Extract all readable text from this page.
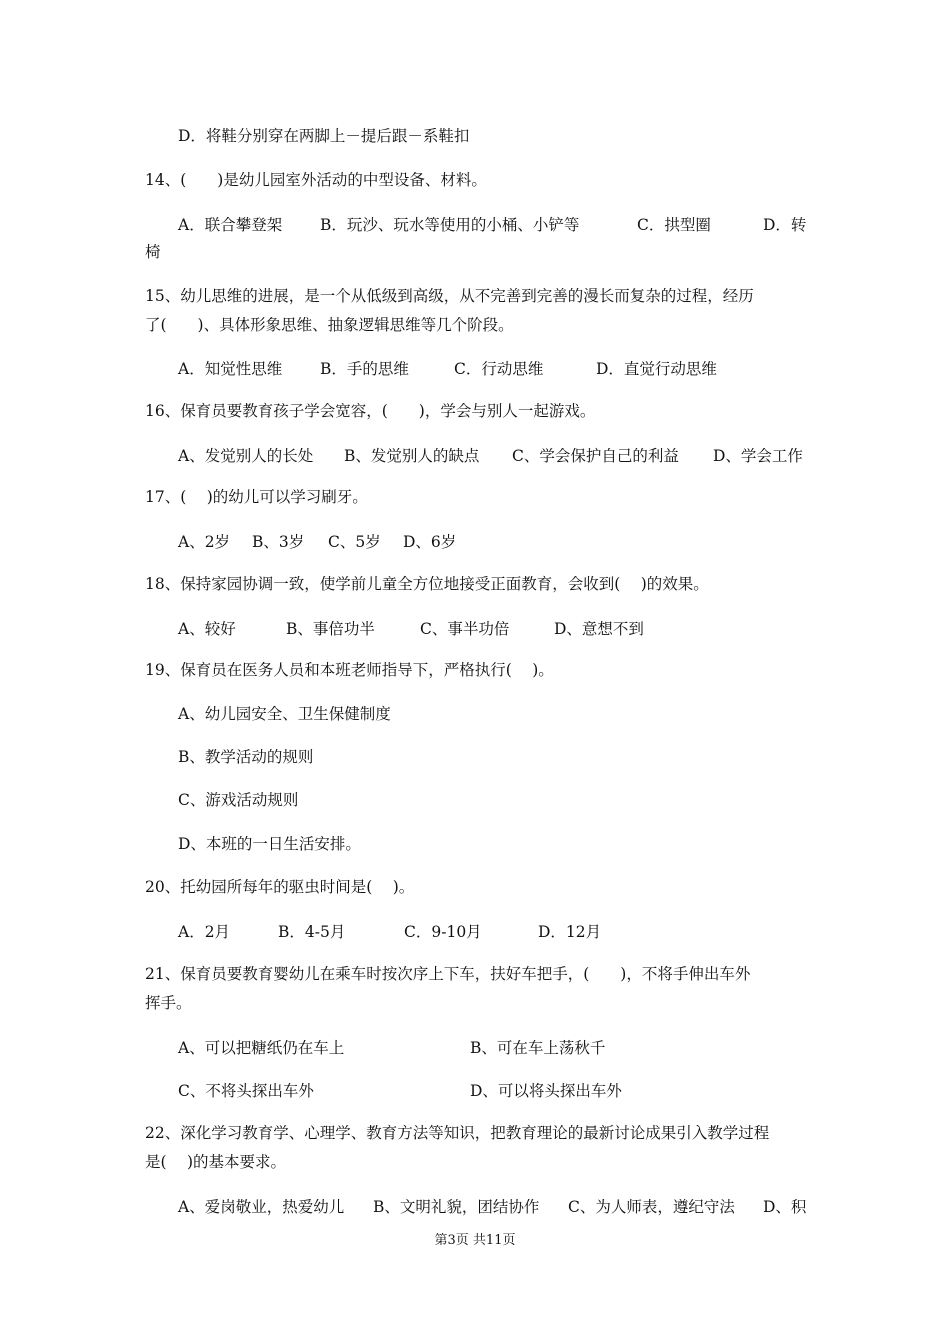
D．将鞋分别穿在两脚上－提后跟－系鞋扣
14、(　　)是幼儿园室外活动的中型设备、材料。
A．联合攀登架 B．玩沙、玩水等使用的小桶、小铲等	C．拱型圈	D．转
椅
15、幼儿思维的进展，是一个从低级到高级，从不完善到完善的漫长而复杂的过程，经历
了(　　)、具体形象思维、抽象逻辑思维等几个阶段。
A．知觉性思维 B．手的思维	C．行动思维	D．直觉行动思维
16、保育员要教育孩子学会宽容，(　　)，学会与别人一起游戏。
A、发觉别人的长处 B、发觉别人的缺点 C、学会保护自己的利益 D、学会工作
17、(　 )的幼儿可以学习刷牙。
A、2岁 B、3岁 C、5岁 D、6岁
18、保持家园协调一致，使学前儿童全方位地接受正面教育，会收到(　 )的效果。
A、较好	B、事倍功半	C、事半功倍	D、意想不到
19、保育员在医务人员和本班老师指导下，严格执行(　 )。
A、幼儿园安全、卫生保健制度
B、教学活动的规则
C、游戏活动规则
D、本班的一日生活安排。
20、托幼园所每年的驱虫时间是(　 )。
A．2月	B．4-5月	C．9-10月	D．12月
21、保育员要教育婴幼儿在乘车时按次序上下车，扶好车把手，(　　)，不将手伸出车外
挥手。
A、可以把糖纸仍在车上	B、可在车上荡秋千
C、不将头探出车外	D、可以将头探出车外
22、深化学习教育学、心理学、教育方法等知识，把教育理论的最新讨论成果引入教学过程
是(　 )的基本要求。
A、爱岗敬业，热爱幼儿 B、文明礼貌，团结协作 C、为人师表，遵纪守法 D、积
第3页 共11页
